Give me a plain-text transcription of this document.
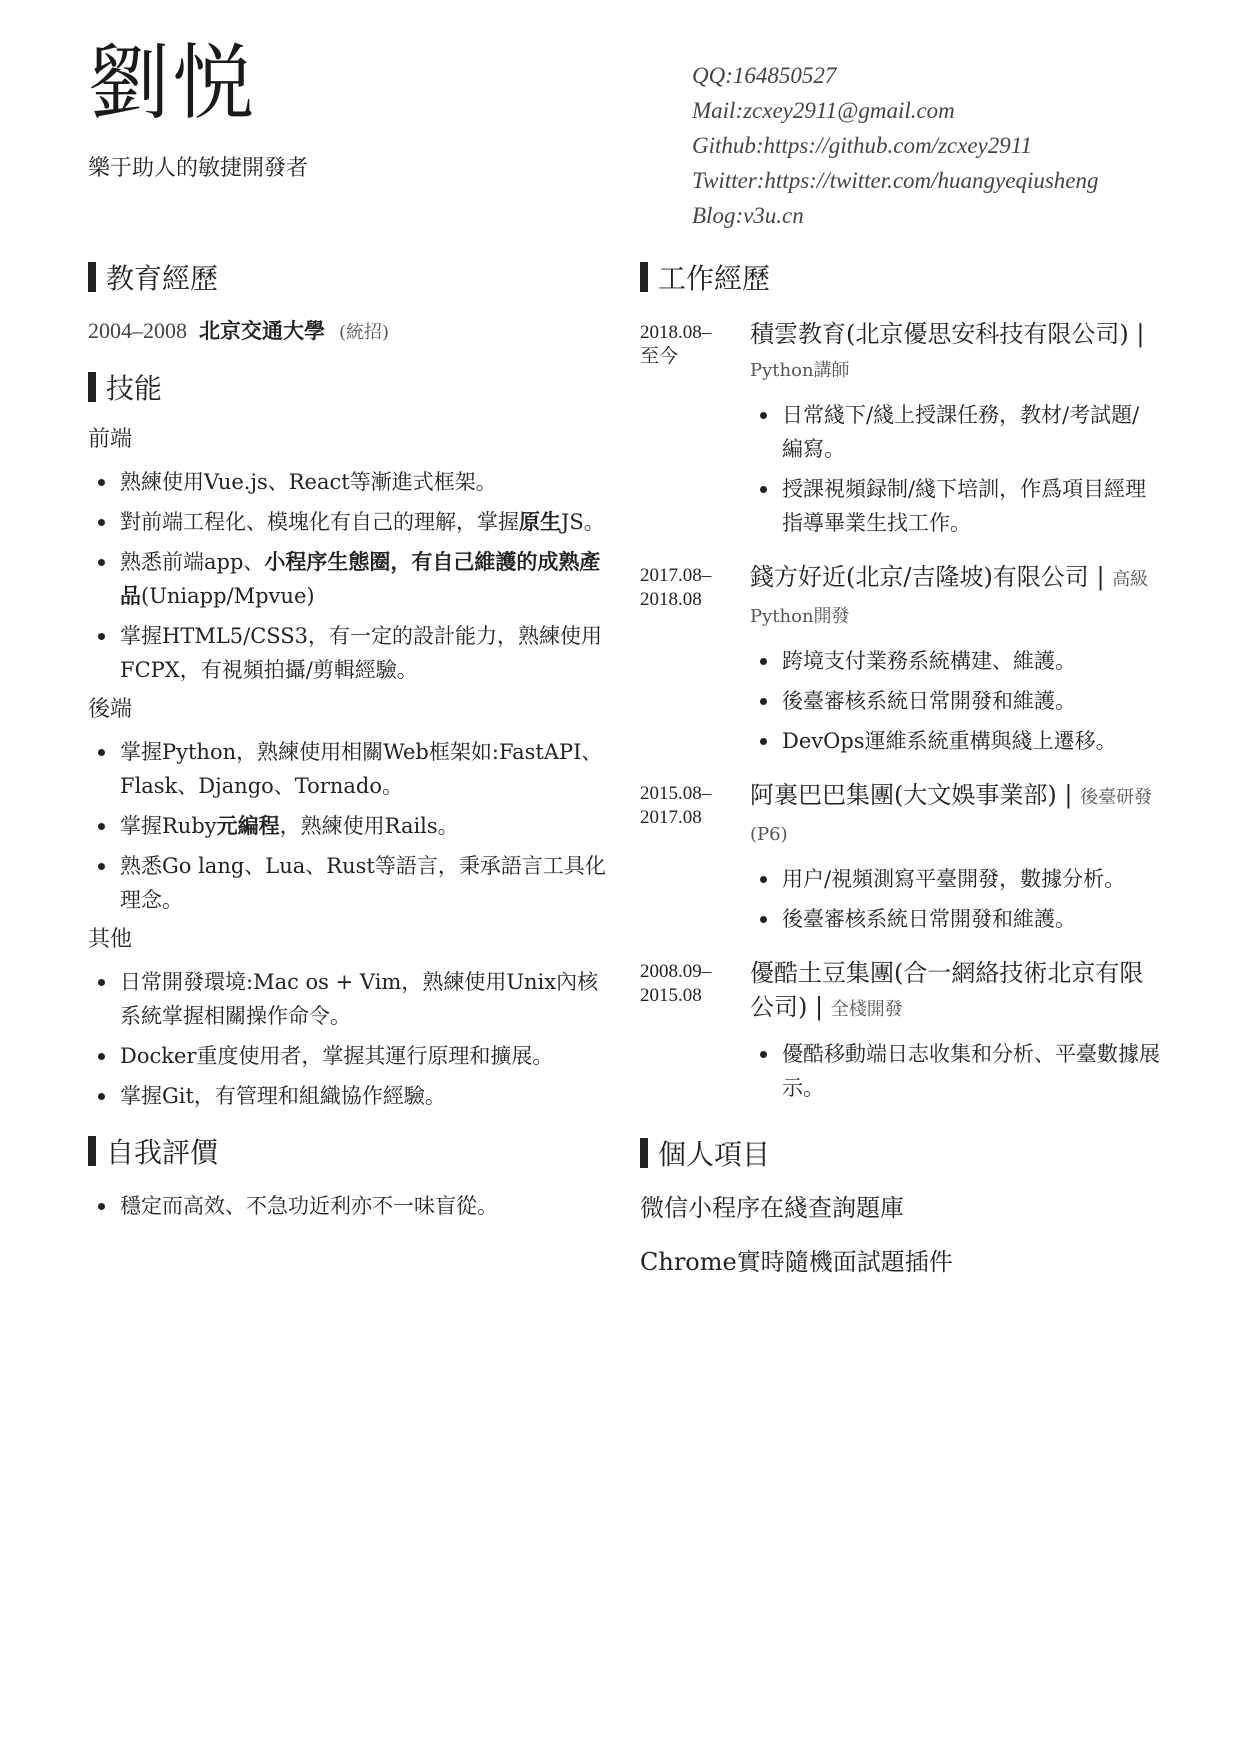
劉悦
樂于助人的敏捷開發者
QQ:164850527
Mail:zcxey2911@gmail.com
Github:https://github.com/zcxey2911
Twitter:https://twitter.com/huangyeqiusheng
Blog:v3u.cn
教育經歷
2004–2008 北京交通大學 (統招)
技能
前端
熟練使用Vue.js、React等漸進式框架。
對前端工程化、模塊化有自己的理解，掌握原生JS。
熟悉前端app、小程序生態圈，有自己維護的成熟產品(Uniapp/Mpvue)
掌握HTML5/CSS3，有一定的設計能力，熟練使用FCPX，有視頻拍攝/剪輯經驗。
後端
掌握Python，熟練使用相關Web框架如:FastAPI、Flask、Django、Tornado。
掌握Ruby元編程，熟練使用Rails。
熟悉Go lang、Lua、Rust等語言，秉承語言工具化理念。
其他
日常開發環境:Mac os + Vim，熟練使用Unix內核系統掌握相關操作命令。
Docker重度使用者，掌握其運行原理和擴展。
掌握Git，有管理和組織協作經驗。
自我評價
穩定而高效、不急功近利亦不一味盲從。
工作經歷
2018.08–
至今
積雲教育(北京優思安科技有限公司) | Python講師
日常綫下/綫上授課任務，教材/考試題/編寫。
授課視頻録制/綫下培訓，作爲項目經理指導畢業生找工作。
2017.08–
2018.08
錢方好近(北京/吉隆坡)有限公司 | 高級Python開發
跨境支付業務系統構建、維護。
後臺審核系統日常開發和維護。
DevOps運維系統重構與綫上遷移。
2015.08–
2017.08
阿裏巴巴集團(大文娛事業部) | 後臺研發(P6)
用户/視頻測寫平臺開發，數據分析。
後臺審核系統日常開發和維護。
2008.09–
2015.08
優酷土豆集團(合一網絡技術北京有限公司) | 全棧開發
優酷移動端日志收集和分析、平臺數據展示。
個人項目
微信小程序在綫查詢題庫
Chrome實時隨機面試題插件
